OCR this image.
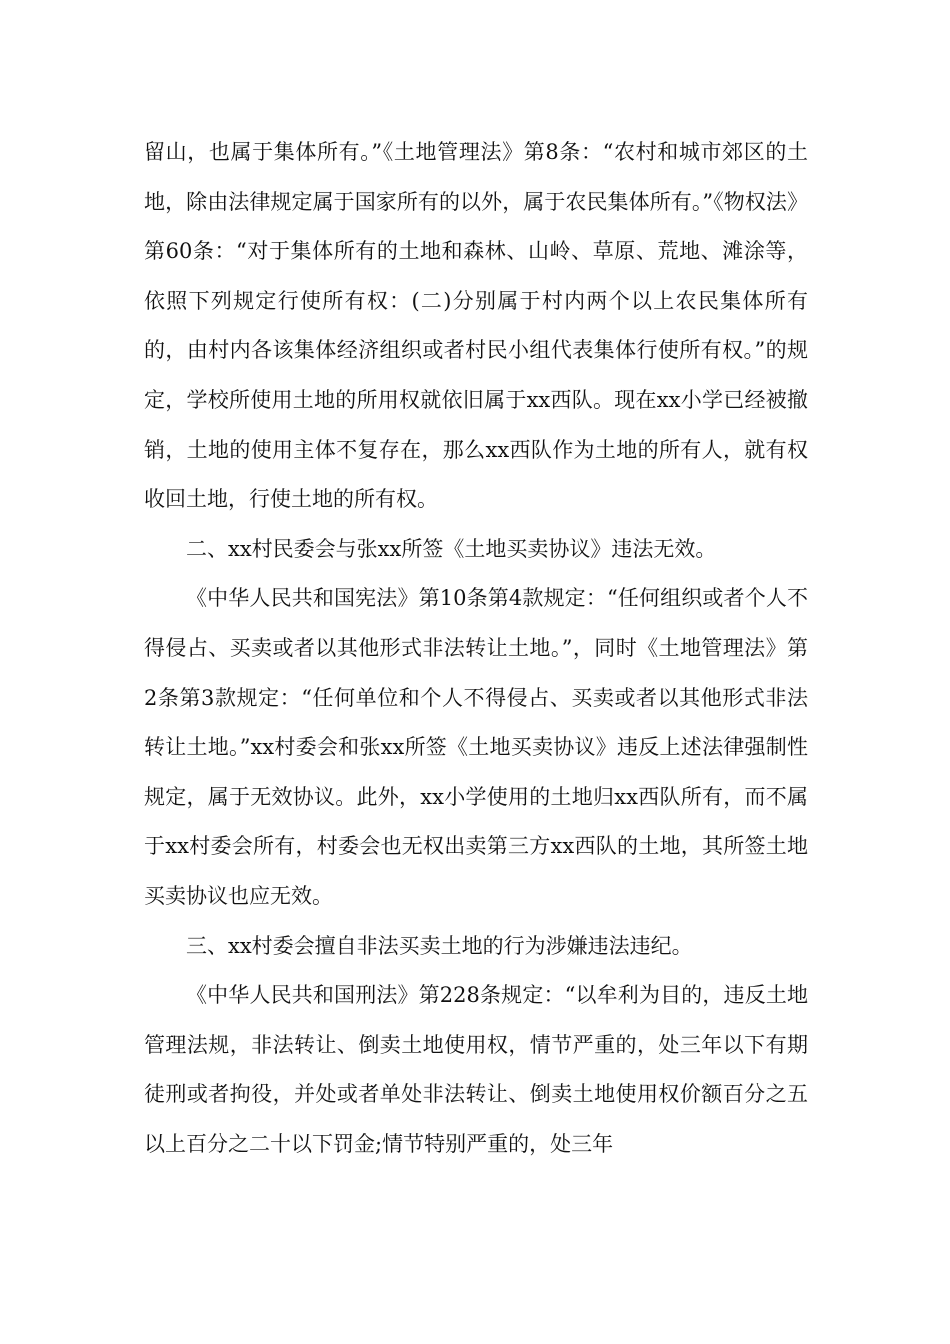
留山，也属于集体所有。”《土地管理法》第8条：“农村和城市郊区的土地，除由法律规定属于国家所有的以外，属于农民集体所有。”《物权法》第60条：“对于集体所有的土地和森林、山岭、草原、荒地、滩涂等，依照下列规定行使所有权：(二)分别属于村内两个以上农民集体所有的，由村内各该集体经济组织或者村民小组代表集体行使所有权。”的规定，学校所使用土地的所用权就依旧属于xx西队。现在xx小学已经被撤销，土地的使用主体不复存在，那么xx西队作为土地的所有人，就有权收回土地，行使土地的所有权。

二、xx村民委会与张xx所签《土地买卖协议》违法无效。

《中华人民共和国宪法》第10条第4款规定：“任何组织或者个人不得侵占、买卖或者以其他形式非法转让土地。”，同时《土地管理法》第2条第3款规定：“任何单位和个人不得侵占、买卖或者以其他形式非法转让土地。”xx村委会和张xx所签《土地买卖协议》违反上述法律强制性规定，属于无效协议。此外，xx小学使用的土地归xx西队所有，而不属于xx村委会所有，村委会也无权出卖第三方xx西队的土地，其所签土地买卖协议也应无效。

三、xx村委会擅自非法买卖土地的行为涉嫌违法违纪。

《中华人民共和国刑法》第228条规定：“以牟利为目的，违反土地管理法规，非法转让、倒卖土地使用权，情节严重的，处三年以下有期徒刑或者拘役，并处或者单处非法转让、倒卖土地使用权价额百分之五以上百分之二十以下罚金;情节特别严重的，处三年
